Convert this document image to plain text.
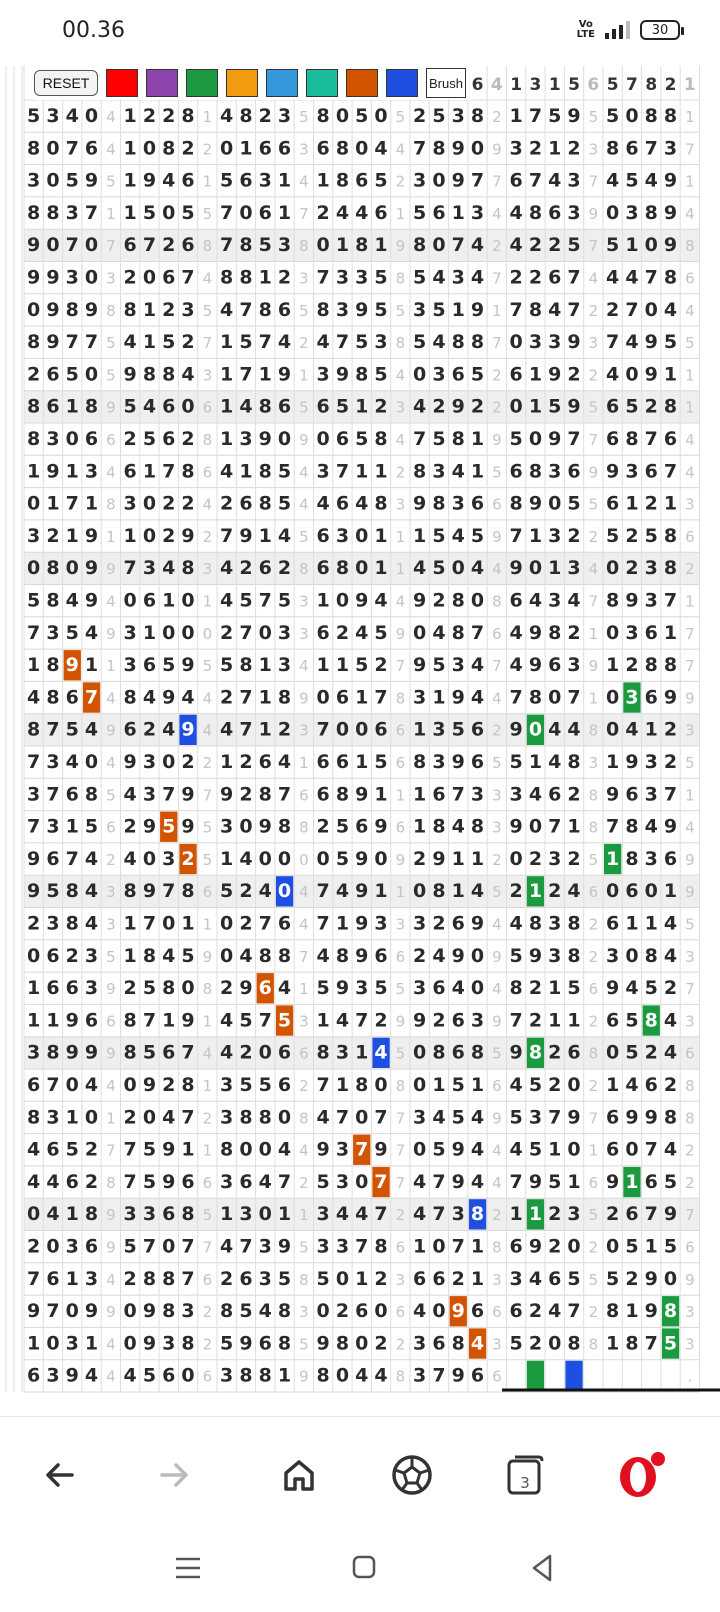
00.36	Vo
LTE	30
6 4 1 3 1 5 6 5 7 8 2 1
5 3 4 0 4 1 2 2 8 1 4 8 2 3 5 8 0 5 0 5 2 5 3 8 2 1 7 5 9 5 5 0 8 8 1
8 0 7 6 4 1 0 8 2 2 0 1 6 6 3 6 8 0 4 4 7 8 9 0 9 3 2 1 2 3 8 6 7 3 7
3 0 5 9 5 1 9 4 6 1 5 6 3 1 4 1 8 6 5 2 3 0 9 7 7 6 7 4 3 7 4 5 4 9 1
8 8 3 7 1 1 5 0 5 5 7 0 6 1 7 2 4 4 6 1 5 6 1 3 4 4 8 6 3 9 0 3 8 9 4
9 0 7 0 7 6 7 2 6 8 7 8 5 3 8 0 1 8 1 9 8 0 7 4 2 4 2 2 5 7 5 1 0 9 8
9 9 3 0 3 2 0 6 7 4 8 8 1 2 3 7 3 3 5 8 5 4 3 4 7 2 2 6 7 4 4 4 7 8 6
0 9 8 9 8 8 1 2 3 5 4 7 8 6 5 8 3 9 5 5 3 5 1 9 1 7 8 4 7 2 2 7 0 4 4
8 9 7 7 5 4 1 5 2 7 1 5 7 4 2 4 7 5 3 8 5 4 8 8 7 0 3 3 9 3 7 4 9 5 5
2 6 5 0 5 9 8 8 4 3 1 7 1 9 1 3 9 8 5 4 0 3 6 5 2 6 1 9 2 2 4 0 9 1 1
8 6 1 8 9 5 4 6 0 6 1 4 8 6 5 6 5 1 2 3 4 2 9 2 2 0 1 5 9 5 6 5 2 8 1
8 3 0 6 6 2 5 6 2 8 1 3 9 0 9 0 6 5 8 4 7 5 8 1 9 5 0 9 7 7 6 8 7 6 4
1 9 1 3 4 6 1 7 8 6 4 1 8 5 4 3 7 1 1 2 8 3 4 1 5 6 8 3 6 9 9 3 6 7 4
0 1 7 1 8 3 0 2 2 4 2 6 8 5 4 4 6 4 8 3 9 8 3 6 6 8 9 0 5 5 6 1 2 1 3
3 2 1 9 1 1 0 2 9 2 7 9 1 4 5 6 3 0 1 1 1 5 4 5 9 7 1 3 2 2 5 2 5 8 6
0 8 0 9 9 7 3 4 8 3 4 2 6 2 8 6 8 0 1 1 4 5 0 4 4 9 0 1 3 4 0 2 3 8 2
5 8 4 9 4 0 6 1 0 1 4 5 7 5 3 1 0 9 4 4 9 2 8 0 8 6 4 3 4 7 8 9 3 7 1
7 3 5 4 9 3 1 0 0 0 2 7 0 3 3 6 2 4 5 9 0 4 8 7 6 4 9 8 2 1 0 3 6 1 7
1 8 9 1 1 3 6 5 9 5 5 8 1 3 4 1 1 5 2 7 9 5 3 4 7 4 9 6 3 9 1 2 8 8 7
4 8 6 7 4 8 4 9 4 4 2 7 1 8 9 0 6 1 7 8 3 1 9 4 4 7 8 0 7 1 0 3 6 9 9
8 7 5 4 9 6 2 4 9 4 4 7 1 2 3 7 0 0 6 6 1 3 5 6 2 9 0 4 4 8 0 4 1 2 3
7 3 4 0 4 9 3 0 2 2 1 2 6 4 1 6 6 1 5 6 8 3 9 6 5 5 1 4 8 3 1 9 3 2 5
3 7 6 8 5 4 3 7 9 7 9 2 8 7 6 6 8 9 1 1 1 6 7 3 3 3 4 6 2 8 9 6 3 7 1
7 3 1 5 6 2 9 5 9 5 3 0 9 8 8 2 5 6 9 6 1 8 4 8 3 9 0 7 1 8 7 8 4 9 4
9 6 7 4 2 4 0 3 2 5 1 4 0 0 0 0 5 9 0 9 2 9 1 1 2 0 2 3 2 5 1 8 3 6 9
9 5 8 4 3 8 9 7 8 6 5 2 4 0 4 7 4 9 1 1 0 8 1 4 5 2 1 2 4 6 0 6 0 1 9
2 3 8 4 3 1 7 0 1 1 0 2 7 6 4 7 1 9 3 3 3 2 6 9 4 4 8 3 8 2 6 1 1 4 5
0 6 2 3 5 1 8 4 5 9 0 4 8 8 7 4 8 9 6 6 2 4 9 0 9 5 9 3 8 2 3 0 8 4 3
1 6 6 3 9 2 5 8 0 8 2 9 6 4 1 5 9 3 5 5 3 6 4 0 4 8 2 1 5 6 9 4 5 2 7
1 1 9 6 6 8 7 1 9 1 4 5 7 5 3 1 4 7 2 9 9 2 6 3 9 7 2 1 1 2 6 5 8 4 3
3 8 9 9 9 8 5 6 7 4 4 2 0 6 6 8 3 1 4 5 0 8 6 8 5 9 8 2 6 8 0 5 2 4 6
6 7 0 4 4 0 9 2 8 1 3 5 5 6 2 7 1 8 0 8 0 1 5 1 6 4 5 2 0 2 1 4 6 2 8
8 3 1 0 1 2 0 4 7 2 3 8 8 0 8 4 7 0 7 7 3 4 5 4 9 5 3 7 9 7 6 9 9 8 8
4 6 5 2 7 7 5 9 1 1 8 0 0 4 4 9 3 7 9 7 0 5 9 4 4 4 5 1 0 1 6 0 7 4 2
4 4 6 2 8 7 5 9 6 6 3 6 4 7 2 5 3 0 7 7 4 7 9 4 4 7 9 5 1 6 9 1 6 5 2
0 4 1 8 9 3 3 6 8 5 1 3 0 1 1 3 4 4 7 2 4 7 3 8 2 1 1 2 3 5 2 6 7 9 7
2 0 3 6 9 5 7 0 7 7 4 7 3 9 5 3 3 7 8 6 1 0 7 1 8 6 9 2 0 2 0 5 1 5 6
7 6 1 3 4 2 8 8 7 6 2 6 3 5 8 5 0 1 2 3 6 6 2 1 3 3 4 6 5 5 5 2 9 0 9
9 7 0 9 9 0 9 8 3 2 8 5 4 8 3 0 2 6 0 6 4 0 9 6 6 6 2 4 7 2 8 1 9 8 3
1 0 3 1 4 0 9 3 8 2 5 9 6 8 5 9 8 0 2 2 3 6 8 4 3 5 2 0 8 8 1 8 7 5 3
6 3 9 4 4 4 5 6 0 6 3 8 8 1 9 8 0 4 4 8 3 7 9 6 6	.
RESET	Brush
3
